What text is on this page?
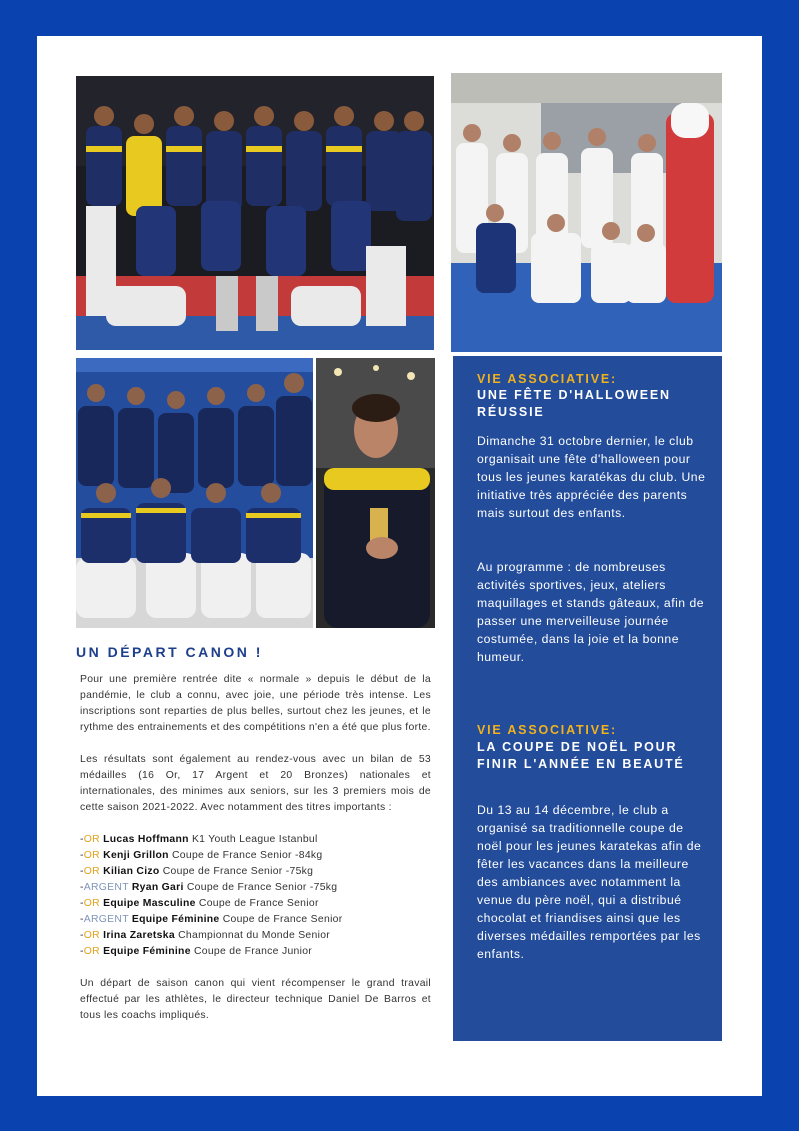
UN DÉPART CANON !

Pour une première rentrée dite « normale » depuis le début de la pandémie, le club a connu, avec joie, une période très intense. Les inscriptions sont reparties de plus belles, surtout chez les jeunes, et le rythme des entrainements et des compétitions n'en a été que plus forte.

Les résultats sont également au rendez-vous avec un bilan de 53 médailles (16 Or, 17 Argent et 20 Bronzes) nationales et internationales, des minimes aux seniors, sur les 3 premiers mois de cette saison 2021-2022. Avec notamment des titres importants :

-OR Lucas Hoffmann K1 Youth League Istanbul
-OR Kenji Grillon Coupe de France Senior -84kg
-OR Kilian Cizo Coupe de France Senior -75kg
-ARGENT Ryan Gari Coupe de France Senior -75kg
-OR Equipe Masculine Coupe de France Senior
-ARGENT Equipe Féminine Coupe de France Senior
-OR Irina Zaretska Championnat du Monde Senior
-OR Equipe Féminine Coupe de France Junior

Un départ de saison canon qui vient récompenser le grand travail effectué par les athlètes, le directeur technique Daniel De Barros et tous les coachs impliqués.

VIE ASSOCIATIVE:
UNE FÊTE D'HALLOWEEN RÉUSSIE
Dimanche 31 octobre dernier, le club organisait une fête d'halloween pour tous les jeunes karatékas du club. Une initiative très appréciée des parents mais surtout des enfants.
Au programme : de nombreuses activités sportives, jeux, ateliers maquillages et stands gâteaux, afin de passer une merveilleuse journée costumée, dans la joie et la bonne humeur.
VIE ASSOCIATIVE:
LA COUPE DE NOËL POUR FINIR L'ANNÉE EN BEAUTÉ
Du 13 au 14 décembre, le club a organisé sa traditionnelle coupe de noël pour les jeunes karatekas afin de fêter les vacances dans la meilleure des ambiances avec notamment la venue du père noël, qui a distribué chocolat et friandises ainsi que les diverses médailles remportées par les enfants.
